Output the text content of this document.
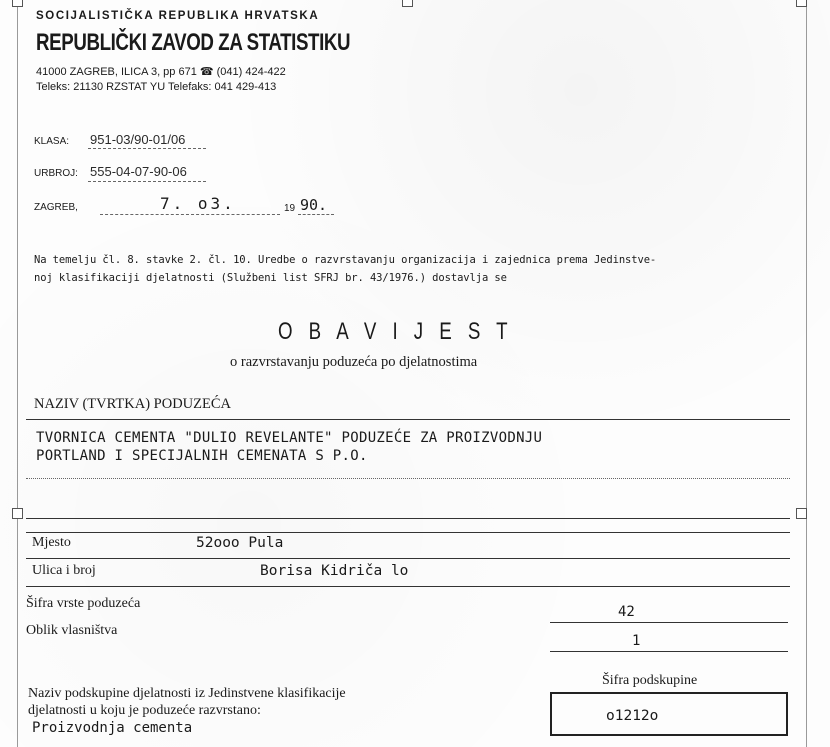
SOCIJALISTIČKA REPUBLIKA HRVATSKA
REPUBLIČKI ZAVOD ZA STATISTIKU
41000 ZAGREB, ILICA 3, pp 671 ☎ (041) 424-422
Teleks: 21130 RZSTAT YU Telefaks: 041 429-413
KLASA: 951-03/90-01/06
URBROJ: 555-04-07-90-06
ZAGREB,	7. o3.	19 90.
Na temelju čl. 8. stavke 2. čl. 10. Uredbe o razvrstavanju organizacija i zajednica prema Jedinstve-
noj klasifikaciji djelatnosti (Službeni list SFRJ br. 43/1976.) dostavlja se
O B A V I J E S T
o razvrstavanju poduzeća po djelatnostima
NAZIV (TVRTKA) PODUZEĆA
TVORNICA CEMENTA "DULIO REVELANTE" PODUZEĆE ZA PROIZVODNJU
PORTLAND I SPECIJALNIH CEMENATA S P.O.
Mjesto	52ooo Pula
Ulica i broj	Borisa Kidriča lo
Šifra vrste poduzeća
42
Oblik vlasništva
1
Šifra podskupine
o1212o
Naziv podskupine djelatnosti iz Jedinstvene klasifikacije
djelatnosti u koju je poduzeće razvrstano:
Proizvodnja cementa
